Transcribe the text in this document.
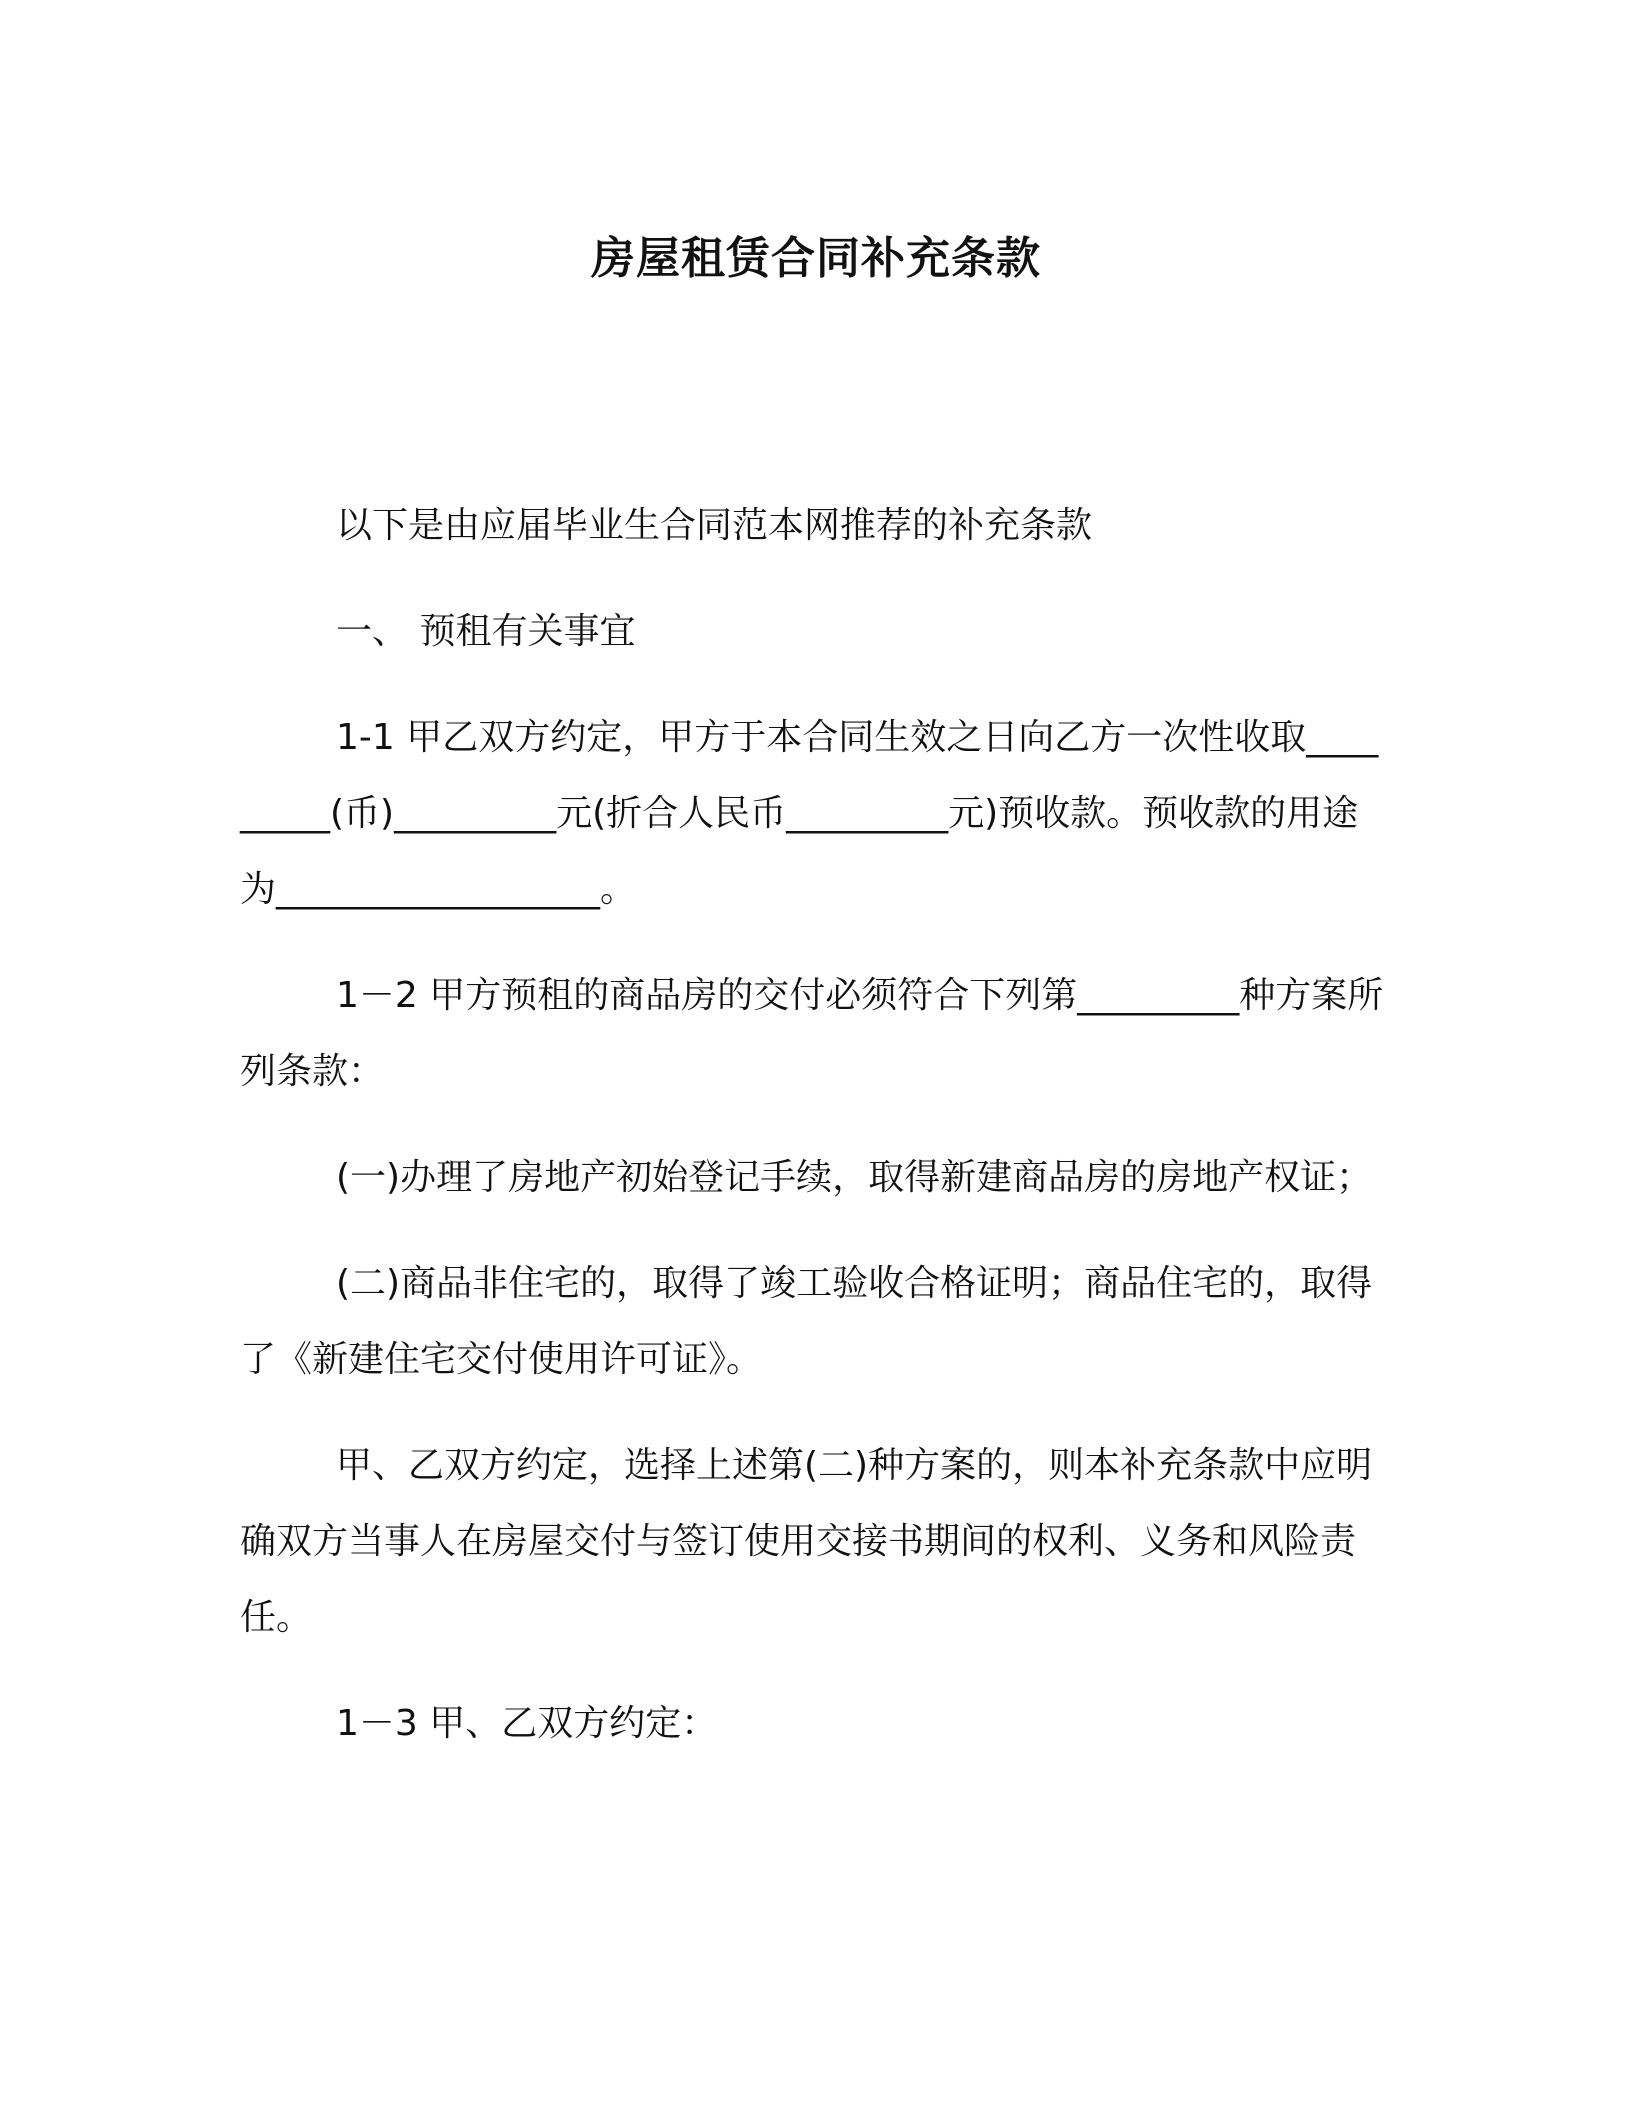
房屋租赁合同补充条款

以下是由应届毕业生合同范本网推荐的补充条款

一、 预租有关事宜

1-1 甲乙双方约定，甲方于本合同生效之日向乙方一次性收取_________(币)_________元(折合人民币_________元)预收款。预收款的用途为__________________。

1－2 甲方预租的商品房的交付必须符合下列第_________种方案所列条款：

(一)办理了房地产初始登记手续，取得新建商品房的房地产权证；

(二)商品非住宅的，取得了竣工验收合格证明；商品住宅的，取得了《新建住宅交付使用许可证》。

甲、乙双方约定，选择上述第(二)种方案的，则本补充条款中应明确双方当事人在房屋交付与签订使用交接书期间的权利、义务和风险责任。

1－3 甲、乙双方约定：
